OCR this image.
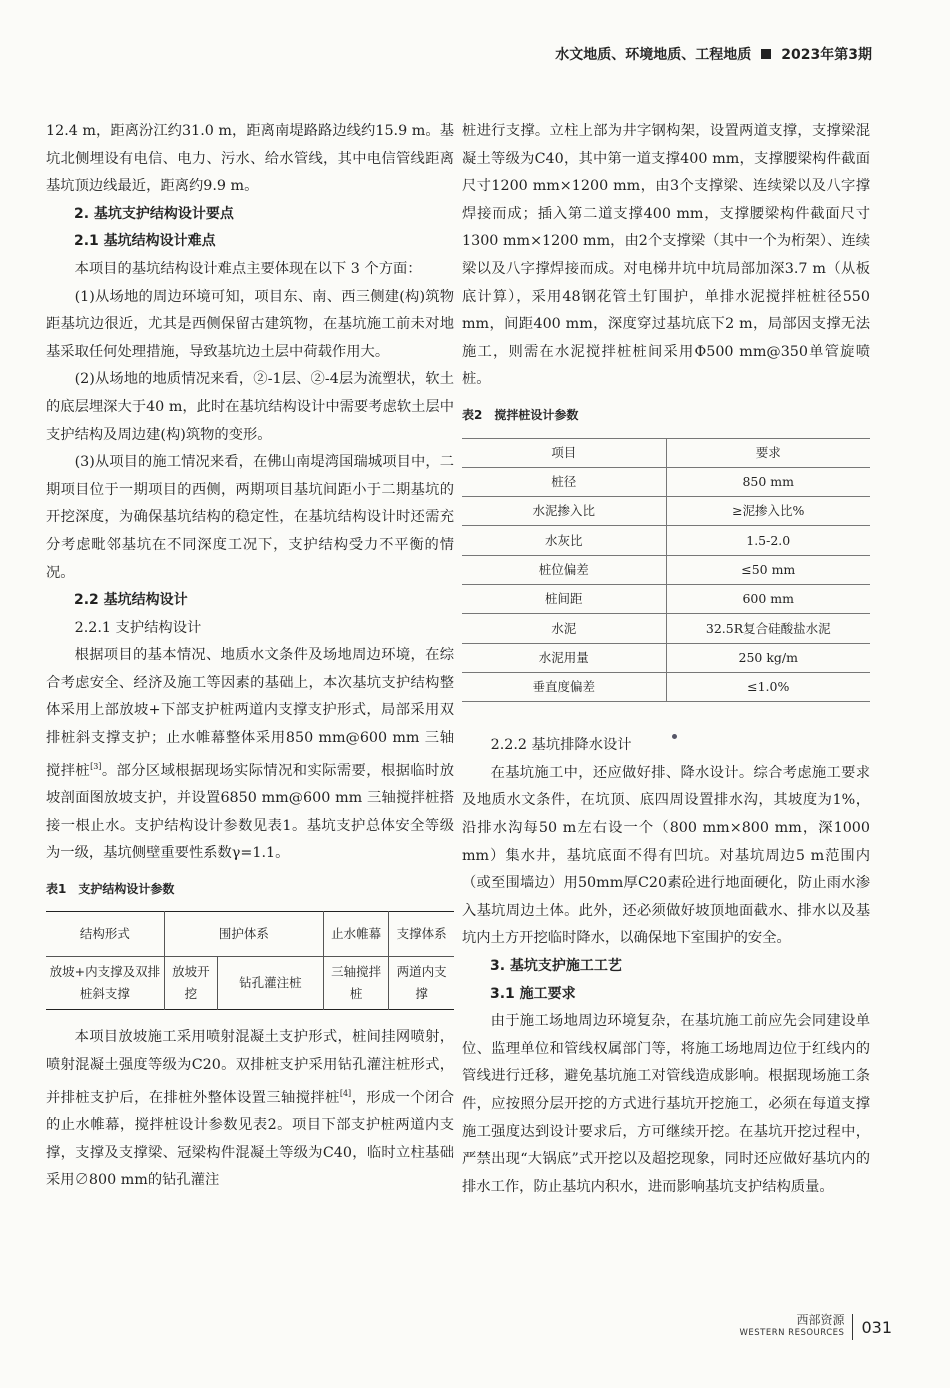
水文地质、环境地质、工程地质 2023年第3期

12.4 m，距离汾江约31.0 m，距离南堤路路边线约15.9 m。基坑北侧埋设有电信、电力、污水、给水管线，其中电信管线距离基坑顶边线最近，距离约9.9 m。

2. 基坑支护结构设计要点

2.1 基坑结构设计难点

本项目的基坑结构设计难点主要体现在以下 3 个方面：

(1)从场地的周边环境可知，项目东、南、西三侧建(构)筑物距基坑边很近，尤其是西侧保留古建筑物，在基坑施工前未对地基采取任何处理措施，导致基坑边土层中荷载作用大。

(2)从场地的地质情况来看，②-1层、②-4层为流塑状，软土的底层埋深大于40 m，此时在基坑结构设计中需要考虑软土层中支护结构及周边建(构)筑物的变形。

(3)从项目的施工情况来看，在佛山南堤湾国瑞城项目中，二期项目位于一期项目的西侧，两期项目基坑间距小于二期基坑的开挖深度，为确保基坑结构的稳定性，在基坑结构设计时还需充分考虑毗邻基坑在不同深度工况下，支护结构受力不平衡的情况。

2.2 基坑结构设计

2.2.1 支护结构设计

根据项目的基本情况、地质水文条件及场地周边环境，在综合考虑安全、经济及施工等因素的基础上，本次基坑支护结构整体采用上部放坡+下部支护桩两道内支撑支护形式，局部采用双排桩斜支撑支护；止水帷幕整体采用850 mm@600 mm 三轴搅拌桩[3]。部分区域根据现场实际情况和实际需要，根据临时放坡剖面图放坡支护，并设置6850 mm@600 mm 三轴搅拌桩搭接一根止水。支护结构设计参数见表1。基坑支护总体安全等级为一级，基坑侧壁重要性系数γ=1.1。

表1　支护结构设计参数

结构形式	围护体系		止水帷幕	支撑体系
放坡+内支撑及双排桩斜支撑	放坡开挖	钻孔灌注桩	三轴搅拌桩	两道内支撑

本项目放坡施工采用喷射混凝土支护形式，桩间挂网喷射，喷射混凝土强度等级为C20。双排桩支护采用钻孔灌注桩形式，并排桩支护后，在排桩外整体设置三轴搅拌桩[4]，形成一个闭合的止水帷幕，搅拌桩设计参数见表2。项目下部支护桩两道内支撑，支撑及支撑梁、冠梁构件混凝土等级为C40，临时立柱基础采用∅800 mm的钻孔灌注

桩进行支撑。立柱上部为井字钢构架，设置两道支撑，支撑梁混凝土等级为C40，其中第一道支撑400 mm，支撑腰梁构件截面尺寸1200 mm×1200 mm，由3个支撑梁、连续梁以及八字撑焊接而成；插入第二道支撑400 mm，支撑腰梁构件截面尺寸1300 mm×1200 mm，由2个支撑梁（其中一个为桁架）、连续梁以及八字撑焊接而成。对电梯井坑中坑局部加深3.7 m（从板底计算），采用48钢花管土钉围护，单排水泥搅拌桩桩径550 mm，间距400 mm，深度穿过基坑底下2 m，局部因支撑无法施工，则需在水泥搅拌桩桩间采用Φ500 mm@350单管旋喷桩。

表2　搅拌桩设计参数

项目	要求
桩径	850 mm
水泥掺入比	≥泥掺入比%
水灰比	1.5-2.0
桩位偏差	≤50 mm
桩间距	600 mm
水泥	32.5R复合硅酸盐水泥
水泥用量	250 kg/m
垂直度偏差	≤1.0%

2.2.2 基坑排降水设计

在基坑施工中，还应做好排、降水设计。综合考虑施工要求及地质水文条件，在坑顶、底四周设置排水沟，其坡度为1%，沿排水沟每50 m左右设一个（800 mm×800 mm，深1000 mm）集水井，基坑底面不得有凹坑。对基坑周边5 m范围内（或至围墙边）用50mm厚C20素砼进行地面硬化，防止雨水渗入基坑周边土体。此外，还必须做好坡顶地面截水、排水以及基坑内土方开挖临时降水，以确保地下室围护的安全。

3. 基坑支护施工工艺

3.1 施工要求

由于施工场地周边环境复杂，在基坑施工前应先会同建设单位、监理单位和管线权属部门等，将施工场地周边位于红线内的管线进行迁移，避免基坑施工对管线造成影响。根据现场施工条件，应按照分层开挖的方式进行基坑开挖施工，必须在每道支撑施工强度达到设计要求后，方可继续开挖。在基坑开挖过程中，严禁出现“大锅底”式开挖以及超挖现象，同时还应做好基坑内的排水工作，防止基坑内积水，进而影响基坑支护结构质量。

西部资源
WESTERN RESOURCES 031
